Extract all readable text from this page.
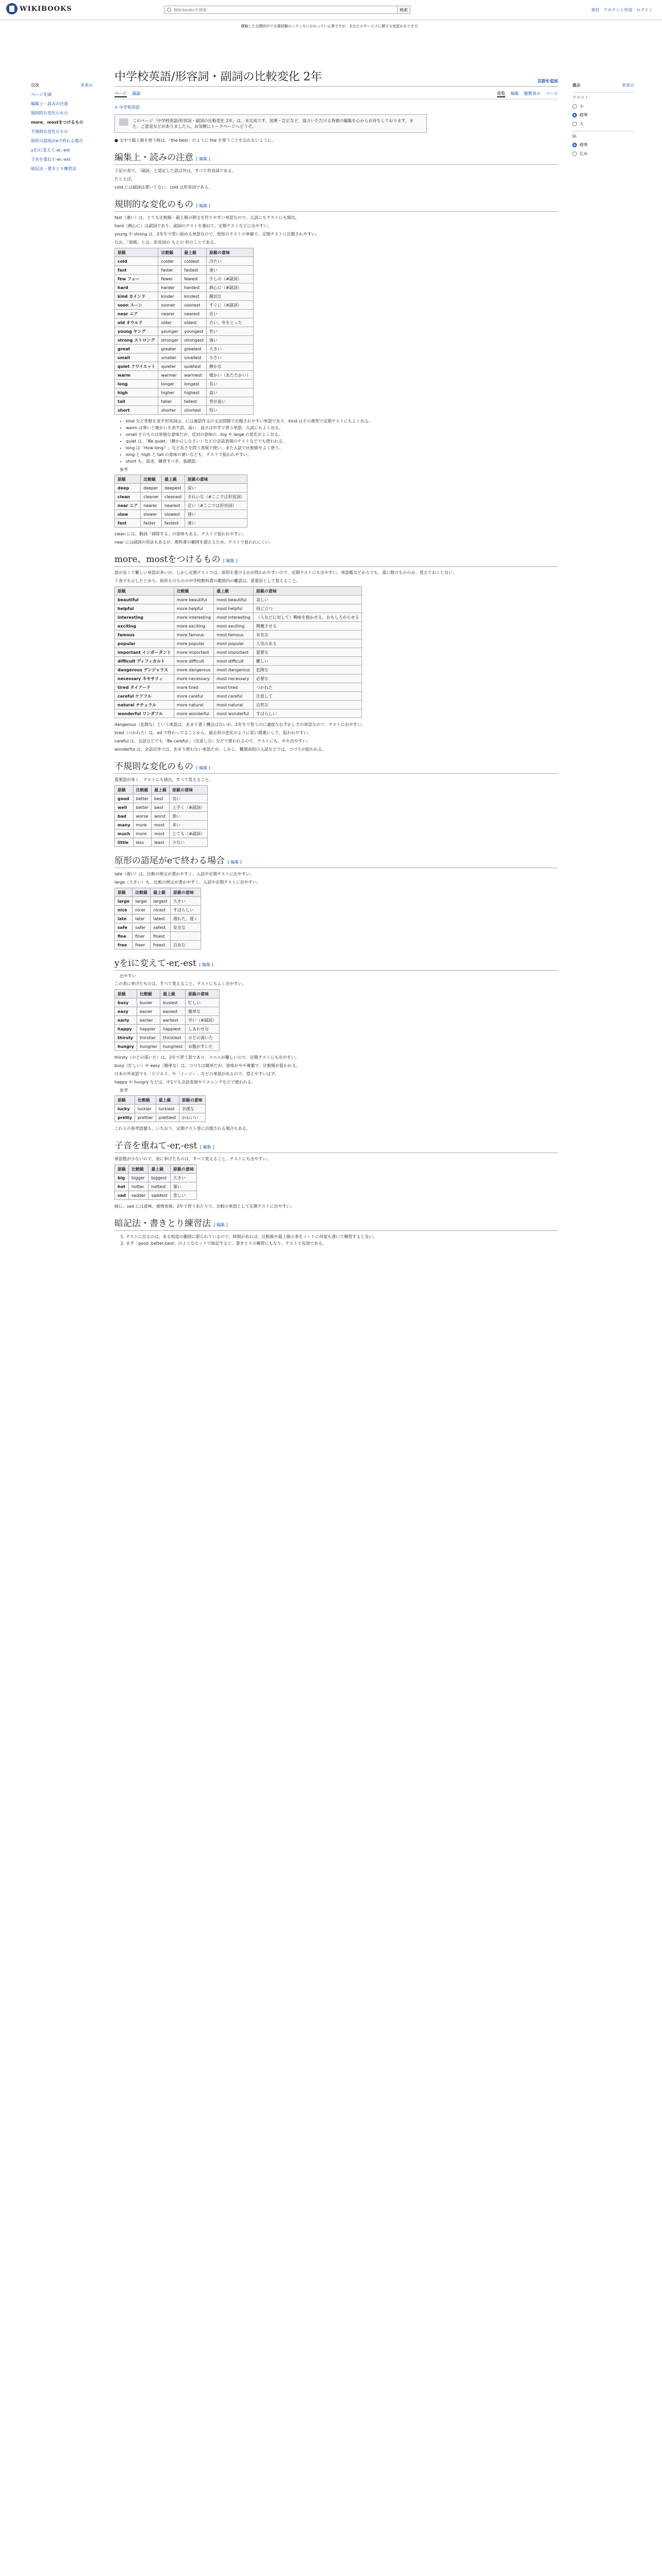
WIKIBOOKS	Wikibooksを検索	検索	寄付 アカウント作成 ログイン
概略した目標的中で言葉経験のノウィキにかかっている事ですが、あなたのサービスに関する変更があります。
目次	非表示
ページ先頭
編集上・読みの注意
規則的な変化のもの
more、mostをつけるもの
不規則な変化のもの
原形の語尾がeで終わる場合
yをiに変えて-er,-est
子音を重ねて-er,-est
暗記法・書きとり練習法
非表示
表示
テキスト
小
標準
大
幅
標準
広め
中学校英語/形容詞・副詞の比較変化 2年	言語を追加
ページ 議論	閲覧 編集 履歴表示 ツール
< 中学校英語
このページ「中学校英語/形容詞・副詞の比較変化 2年」は、未完成です。加筆・訂正など、協力いただける皆様の編集を心からお待ちしております。また、ご意見などがありましたら、お気軽にトークページへどうぞ。

● 文中で最上級を使う時は、「the best」のように the を使うことを忘れないように。

編集上・読みの注意 [ 編集 ]

下記の表で、「副詞」と認定した語は外は、すべて形容詞である。

たとえば、

cold には副詞は書いてない。cold は形容詞である。

規則的な変化のもの [ 編集 ]

fast（速い）は、とても比較級・最上級の例文を作りやすい単語なので、入試にもテストにも頻出。

hard（熱心に）は副詞であり、副詞のテストを兼ねて、定期テストなどに出やすい。

young や strong は、2年生で習い始める単語なので、原形のテストの単確で、定期テストに出題されやすい。

なお、「原級」とは、形容詞の もとの 形のことである。

原級	比較級	最上級	原級の意味
cold	colder	coldest	冷たい
fast	faster	fastest	速い
few フュー	fewer	fewest	少しの（#副詞）
hard	harder	hardest	熱心に（#副詞）
kind カインド	kinder	kindest	親切な
soon スーン	sooner	soonest	すぐに（#副詞）
near ニア	nearer	nearest	近い
old オウルド	older	oldest	古い、年をとった
young ヤング	younger	youngest	若い
strong ストロング	stronger	strongest	強い
great	greater	greatest	大きい
small	smaller	smallest	小さい
quiet クワイエット	quieter	quietest	静かな
warm	warmer	warmest	暖かい（あたたかい）
long	longer	longest	長い
high	higher	highest	高い
tall	taller	tallest	背が高い
short	shorter	shortest	短い
• kind など性格を表す形容詞は、には連語作文の文法問題で出題されやすい単語であり、kind はその典型で定期テストにもよく出る。
• warm は寒いと暖かいを表す語、高い、高さは中学で習う単語、入試にもよく出る。
• small そのものは単独な意味だが、反対の意味の、big や large の変化がよく出る。
• quiet は、「Be quiet」（静かにしなさい）などの会話表現のテストなどでも使われる。
• long は「How long？」など長さを問う表現で使い、また入試で比較級をよく使う。
• long と high と tall の意味の違いなども、テストで狙われやすい。
• short も、前述、練習すべき、基礎語。
参考
原級	比較級	最上級	原級の意味
deep	deeper	deepest	深い
clean	cleaner	cleanest	きれいな（#ここでは形容詞）
near ニア	nearer	nearest	近い（#ここでは形容詞）
slow	slower	slowest	遅い
fast	faster	fastest	速い

clean には、動詞「掃除する」の意味もある。テストで狙われやすい。

near には副詞の用法もあるが、教科書の範囲を超えるため、テストで狙われにくい。

more、mostをつけるもの [ 編集 ]

語が長くて難しい単語が多いが、しかし定期テストでは、原形を書けるかが問われやすいので、定期テストにも出やすい。単語帳などからでも、重に数けもののみ、覚えておくと良い。

下表でも示したとおり、原形そのものの中学校教科書の範囲内の難語は、重要語として覚えること。

原級	比較級	最上級	原級の意味
beautiful	more beautiful	most beautiful	美しい
helpful	more helpful	most helpful	役に立つ
interesting	more interesting	most interesting	（人などに対して）興味を抱かせる、おもしろがらせる
exciting	more exciting	most exciting	興奮させる
famous	more famous	most famous	有名な
popular	more popular	most popular	人気のある
important インポータント	more important	most important	重要な
difficult ディフィカルト	more difficult	most difficult	難しい
dangerous デンジャラス	more dangerous	most dangerous	危険な
necessary ネセサリィ	more necessary	most necessary	必要な
tired タイアード	more tired	most tired	つかれた
careful ケアフル	more careful	most careful	注意して
natural ナチュラル	more natural	most natural	自然な
wonderful ワンダフル	more wonderful	most wonderful	すばらしい

dangerous（危険な）という単語は、あまり書く機会はないが、2年生で習うのに適度なむずかしさの単語なので、テストに出やすい。

tired（つかれた）は、ed で終わってることから、過去形の変化のように思い間違いして、狙われやすい。

careful は、会話などでも「Be careful.」（注意しな）などで使われるので、テストにも、やや出やすい。

wonderful は、会話以外では、あまり使わない単語だが、しかし、難関高校の入試などでは、つづりが狙われる。

不規則な変化のもの [ 編集 ]

重要語が多く、テストにも頻出。すべて覚えること。

原級	比較級	最上級	原級の意味
good	better	best	良い
well	better	best	上手く（#副詞）
bad	worse	worst	悪い
many	more	most	多い
much	more	most	とても（#副詞）
little	less	least	少ない
原形の語尾がeで終わる場合 [ 編集 ]

late（遅い）は、比較の例文が書かやすく、入試や定期テストに出やすい。

large（大きい）も、比較の例文が書かやすく、入試や定期テストに出やすい。

原級	比較級	最上級	原級の意味
large	larger	largest	大きい
nice	nicer	nicest	すばらしい
late	later	latest	遅れた、遅く
safe	safer	safest	安全な
fine	finer	finest	
free	freer	freest	自由な
yをiに変えて-er,-est [ 編集 ]
出やすい

この表に挙げたものは、すべて覚えること。テストにもよく出やすい。

原級	比較級	最上級	原級の意味
busy	busier	busiest	忙しい
easy	easier	easiest	簡単な
early	earlier	earliest	早い（#副詞）
happy	happier	happiest	しあわせな
thirsty	thirstier	thirstiest	のどの渇いた
hungry	hungrier	hungriest	お腹がすいた

thirsty（のどの渇いた）は、2年で習う語であり、スペルが難しいので、定期テストにも出やすい。

busy（忙しい）や easy（簡単な）は、つづりは簡単だが、意味がやや複雑で、比較級が狙われる。

日本の外来語でも「ビジネス」や「イージー」などの単語があるので、覚えやすいはず。

happy や hungry などは、中1でも会話表現やリスニングなどで使われる。

参考
原級	比較級	最上級	原級の意味
lucky	luckier	luckiest	幸運な
pretty	prettier	prettiest	かわいい

これらの参考語彙も、いちおう、定期テスト等に出題される場合もある。

子音を重ねて-er,-est [ 編集 ]

単語数が少ないので、表に挙げたものは、すべて覚えること。テストにも出やすい。

原級	比較級	最上級	原級の意味
big	bigger	biggest	大きい
hot	hotter	hottest	暑い
sad	sadder	saddest	悲しい

暗に、sad には意味、感情表現、2年で習うあたりで、比較の単語として定期テストに出やすい。

暗記法・書きとり練習法 [ 編集 ]
1. テストに出るのは、ある程度の範囲に限られているので、時間があれば、比較級や最上級の表をノートに何度も書いて練習すると良い。
2. まず「good ,better,best」のようなセットで暗記すると、書きとりの練習にもなり、テストで有効である。
